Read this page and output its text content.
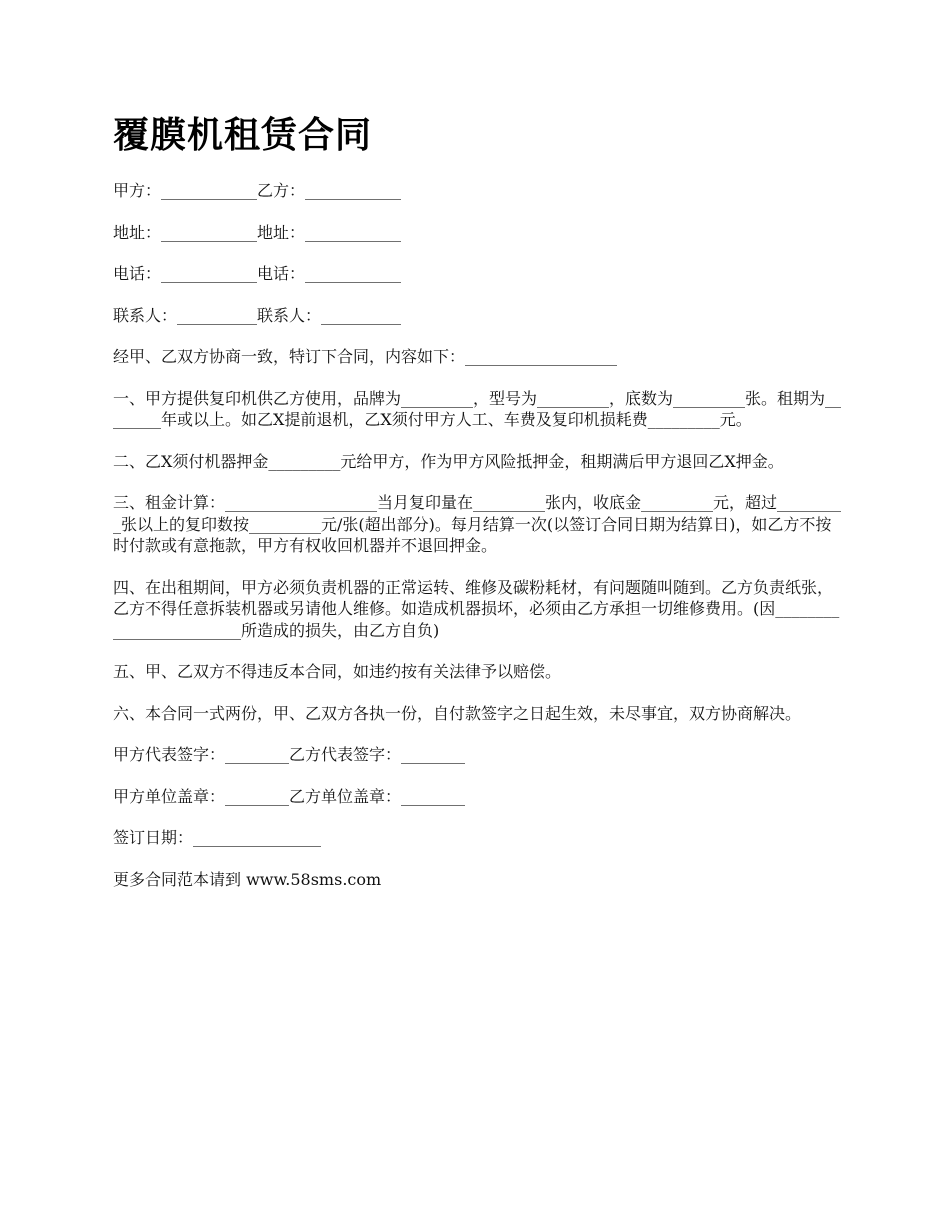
覆膜机租赁合同

甲方：____________乙方：____________

地址：____________地址：____________

电话：____________电话：____________

联系人：__________联系人：__________

经甲、乙双方协商一致，特订下合同，内容如下：___________________

一、甲方提供复印机供乙方使用，品牌为_________，型号为_________，底数为_________张。租期为________年或以上。如乙X提前退机，乙X须付甲方人工、车费及复印机损耗费_________元。

二、乙X须付机器押金_________元给甲方，作为甲方风险抵押金，租期满后甲方退回乙X押金。

三、租金计算：___________________当月复印量在_________张内，收底金_________元，超过_________张以上的复印数按_________元/张(超出部分)。每月结算一次(以签订合同日期为结算日)，如乙方不按时付款或有意拖款，甲方有权收回机器并不退回押金。

四、在出租期间，甲方必须负责机器的正常运转、维修及碳粉耗材，有问题随叫随到。乙方负责纸张，乙方不得任意拆装机器或另请他人维修。如造成机器损坏，必须由乙方承担一切维修费用。(因________________________所造成的损失，由乙方自负)

五、甲、乙双方不得违反本合同，如违约按有关法律予以赔偿。

六、本合同一式两份，甲、乙双方各执一份，自付款签字之日起生效，未尽事宜，双方协商解决。

甲方代表签字：________乙方代表签字：________

甲方单位盖章：________乙方单位盖章：________

签订日期：________________

更多合同范本请到 www.58sms.com
